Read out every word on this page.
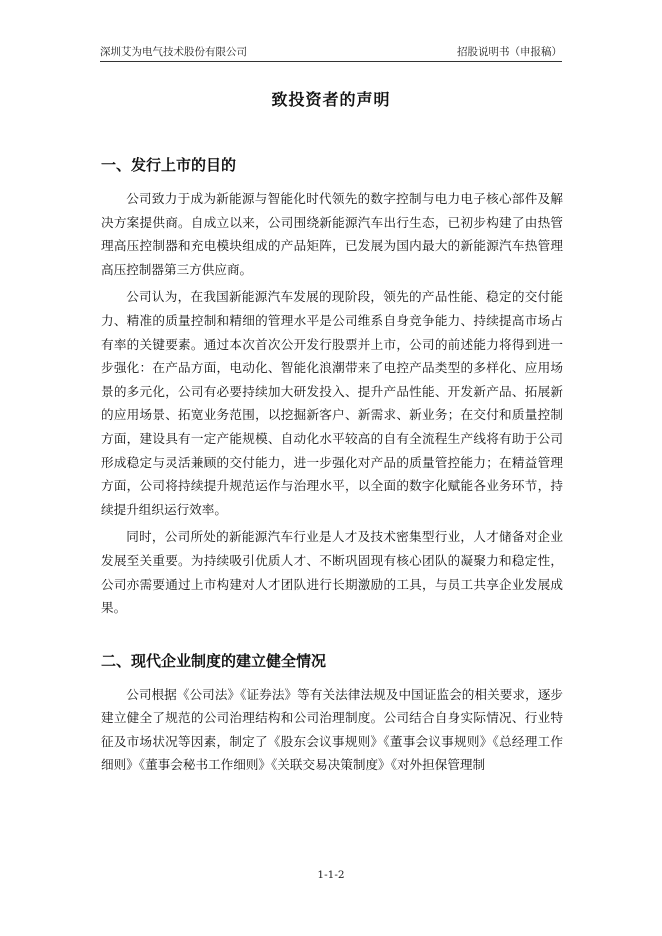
深圳艾为电气技术股份有限公司	招股说明书（申报稿）
致投资者的声明
一、发行上市的目的

公司致力于成为新能源与智能化时代领先的数字控制与电力电子核心部件及解决方案提供商。自成立以来，公司围绕新能源汽车出行生态，已初步构建了由热管理高压控制器和充电模块组成的产品矩阵，已发展为国内最大的新能源汽车热管理高压控制器第三方供应商。

公司认为，在我国新能源汽车发展的现阶段，领先的产品性能、稳定的交付能力、精准的质量控制和精细的管理水平是公司维系自身竞争能力、持续提高市场占有率的关键要素。通过本次首次公开发行股票并上市，公司的前述能力将得到进一步强化：在产品方面，电动化、智能化浪潮带来了电控产品类型的多样化、应用场景的多元化，公司有必要持续加大研发投入、提升产品性能、开发新产品、拓展新的应用场景、拓宽业务范围，以挖掘新客户、新需求、新业务；在交付和质量控制方面，建设具有一定产能规模、自动化水平较高的自有全流程生产线将有助于公司形成稳定与灵活兼顾的交付能力，进一步强化对产品的质量管控能力；在精益管理方面，公司将持续提升规范运作与治理水平，以全面的数字化赋能各业务环节，持续提升组织运行效率。

同时，公司所处的新能源汽车行业是人才及技术密集型行业，人才储备对企业发展至关重要。为持续吸引优质人才、不断巩固现有核心团队的凝聚力和稳定性，公司亦需要通过上市构建对人才团队进行长期激励的工具，与员工共享企业发展成果。

二、现代企业制度的建立健全情况

公司根据《公司法》《证券法》等有关法律法规及中国证监会的相关要求，逐步建立健全了规范的公司治理结构和公司治理制度。公司结合自身实际情况、行业特征及市场状况等因素，制定了《股东会议事规则》《董事会议事规则》《总经理工作细则》《董事会秘书工作细则》《关联交易决策制度》《对外担保管理制

1-1-2
